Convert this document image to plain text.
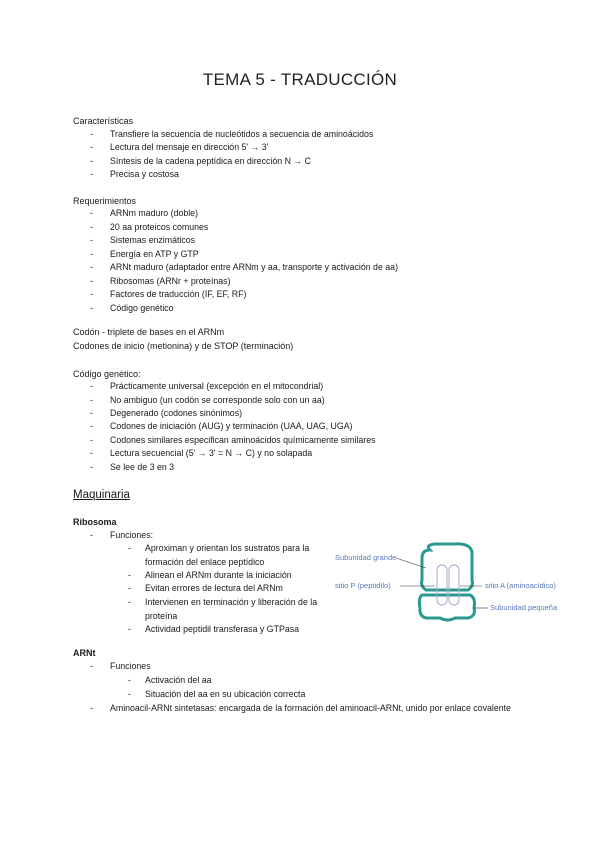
TEMA 5 - TRADUCCIÓN
Características
- Transfiere la secuencia de nucleótidos a secuencia de aminoácidos
- Lectura del mensaje en dirección 5' → 3'
- Síntesis de la cadena peptídica en dirección N → C
- Precisa y costosa
Requerimientos
- ARNm maduro (doble)
- 20 aa proteicos comunes
- Sistemas enzimáticos
- Energía en ATP y GTP
- ARNt maduro (adaptador entre ARNm y aa, transporte y activación de aa)
- Ribosomas (ARNr + proteínas)
- Factores de traducción (IF, EF, RF)
- Código genético
Codón - triplete de bases en el ARNm
Codones de inicio (metionina) y de STOP (terminación)
Código genético:
- Prácticamente universal (excepción en el mitocondrial)
- No ambiguo (un codón se corresponde solo con un aa)
- Degenerado (codones sinónimos)
- Codones de iniciación (AUG) y terminación (UAA, UAG, UGA)
- Codones similares especifican aminoácidos químicamente similares
- Lectura secuencial (5' → 3' = N → C) y no solapada
- Se lee de 3 en 3
Maquinaria
Ribosoma
- Funciones:
- Aproximan y orientan los sustratos para la formación del enlace peptídico
- Alinean el ARNm durante la iniciación
- Evitan errores de lectura del ARNm
- Intervienen en terminación y liberación de la proteína
- Actividad peptidil transferasa y GTPasa
Subunidad grande
sitio P (peptidílo)	sitio A (aminoacídico)
Subunidad pequeña
ARNt
- Funciones
- Activación del aa
- Situación del aa en su ubicación correcta
- Aminoacil-ARNt sintetasas: encargada de la formación del aminoacil-ARNt, unido por enlace covalente
